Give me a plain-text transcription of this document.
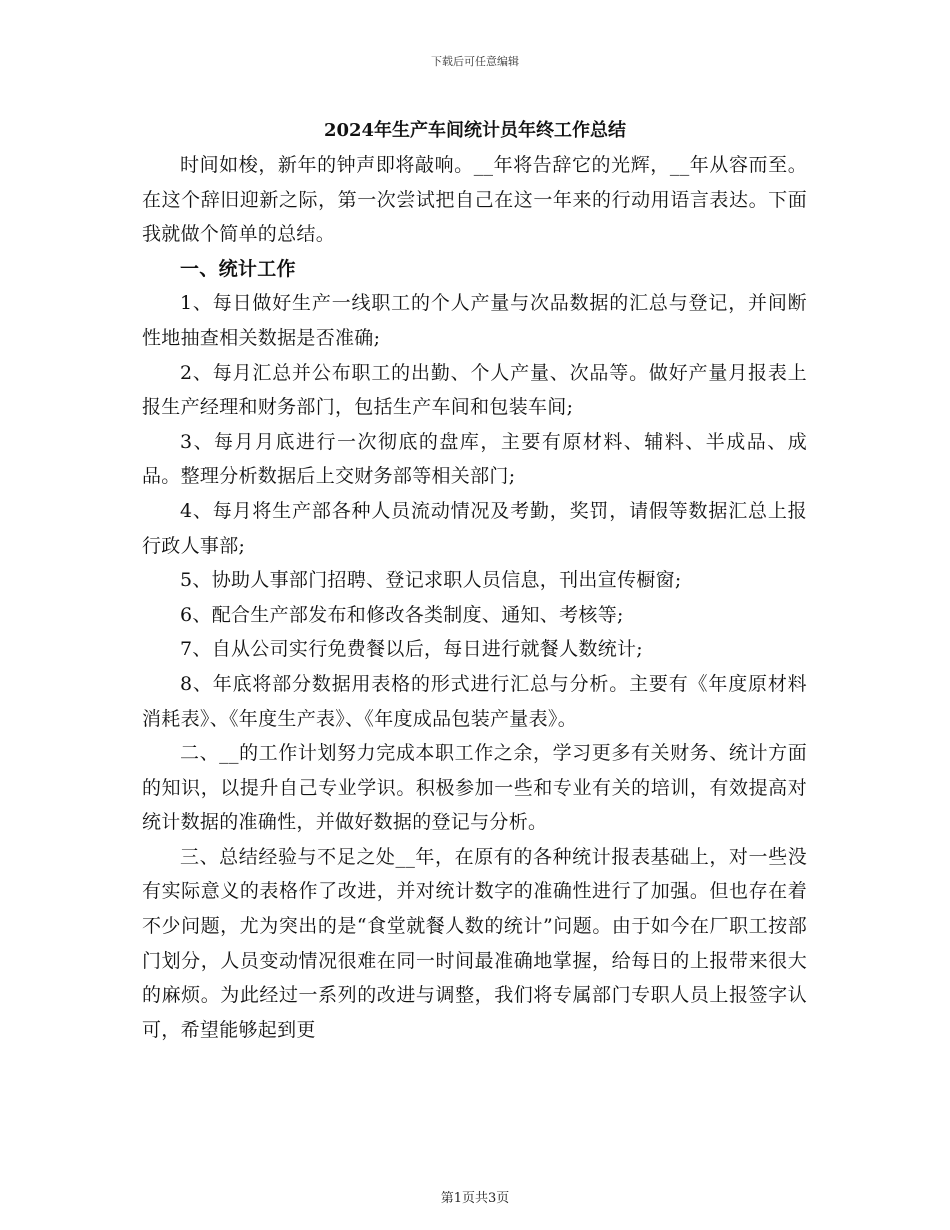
下载后可任意编辑
2024年生产车间统计员年终工作总结

时间如梭，新年的钟声即将敲响。__年将告辞它的光辉，__年从容而至。在这个辞旧迎新之际，第一次尝试把自己在这一年来的行动用语言表达。下面我就做个简单的总结。

一、统计工作

1、每日做好生产一线职工的个人产量与次品数据的汇总与登记，并间断性地抽查相关数据是否准确;

2、每月汇总并公布职工的出勤、个人产量、次品等。做好产量月报表上报生产经理和财务部门，包括生产车间和包装车间;

3、每月月底进行一次彻底的盘库，主要有原材料、辅料、半成品、成品。整理分析数据后上交财务部等相关部门;

4、每月将生产部各种人员流动情况及考勤，奖罚，请假等数据汇总上报行政人事部;

5、协助人事部门招聘、登记求职人员信息，刊出宣传橱窗;

6、配合生产部发布和修改各类制度、通知、考核等;

7、自从公司实行免费餐以后，每日进行就餐人数统计;

8、年底将部分数据用表格的形式进行汇总与分析。主要有《年度原材料消耗表》、《年度生产表》、《年度成品包装产量表》。

二、__的工作计划努力完成本职工作之余，学习更多有关财务、统计方面的知识，以提升自己专业学识。积极参加一些和专业有关的培训，有效提高对统计数据的准确性，并做好数据的登记与分析。

三、总结经验与不足之处__年，在原有的各种统计报表基础上，对一些没有实际意义的表格作了改进，并对统计数字的准确性进行了加强。但也存在着不少问题，尤为突出的是“食堂就餐人数的统计”问题。由于如今在厂职工按部门划分，人员变动情况很难在同一时间最准确地掌握，给每日的上报带来很大的麻烦。为此经过一系列的改进与调整，我们将专属部门专职人员上报签字认可，希望能够起到更

第1页共3页
